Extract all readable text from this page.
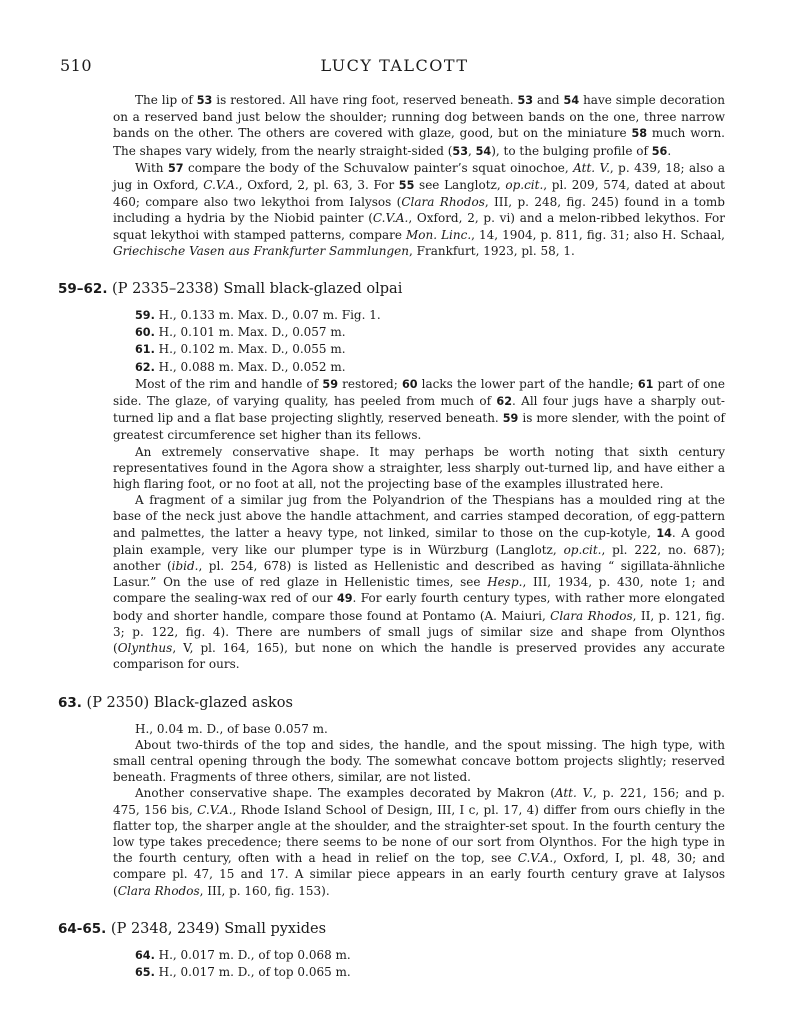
510	LUCY TALCOTT

The lip of 53 is restored. All have ring foot, reserved beneath. 53 and 54 have simple decoration on a reserved band just below the shoulder; running dog between bands on the one, three narrow bands on the other. The others are covered with glaze, good, but on the miniature 58 much worn. The shapes vary widely, from the nearly straight-sided (53, 54), to the bulging profile of 56.

With 57 compare the body of the Schuvalow painter’s squat oinochoe, Att. V., p. 439, 18; also a jug in Oxford, C.V.A., Oxford, 2, pl. 63, 3. For 55 see Langlotz, op.cit., pl. 209, 574, dated at about 460; compare also two lekythoi from Ialysos (Clara Rhodos, III, p. 248, fig. 245) found in a tomb including a hydria by the Niobid painter (C.V.A., Oxford, 2, p. vi) and a melon-ribbed lekythos. For squat lekythoi with stamped patterns, compare Mon. Linc., 14, 1904, p. 811, fig. 31; also H. Schaal, Griechische Vasen aus Frankfurter Sammlungen, Frankfurt, 1923, pl. 58, 1.

59–62. (P 2335–2338) Small black-glazed olpai

59. H., 0.133 m. Max. D., 0.07 m. Fig. 1.

60. H., 0.101 m. Max. D., 0.057 m.

61. H., 0.102 m. Max. D., 0.055 m.

62. H., 0.088 m. Max. D., 0.052 m.

Most of the rim and handle of 59 restored; 60 lacks the lower part of the handle; 61 part of one side. The glaze, of varying quality, has peeled from much of 62. All four jugs have a sharply out-turned lip and a flat base projecting slightly, reserved beneath. 59 is more slender, with the point of greatest circumference set higher than its fellows.

An extremely conservative shape. It may perhaps be worth noting that sixth century representatives found in the Agora show a straighter, less sharply out-turned lip, and have either a high flaring foot, or no foot at all, not the projecting base of the examples illustrated here.

A fragment of a similar jug from the Polyandrion of the Thespians has a moulded ring at the base of the neck just above the handle attachment, and carries stamped decoration, of egg-pattern and palmettes, the latter a heavy type, not linked, similar to those on the cup-kotyle, 14. A good plain example, very like our plumper type is in Würzburg (Langlotz, op.cit., pl. 222, no. 687); another (ibid., pl. 254, 678) is listed as Hellenistic and described as having “ sigillata-ähnliche Lasur.” On the use of red glaze in Hellenistic times, see Hesp., III, 1934, p. 430, note 1; and compare the sealing-wax red of our 49. For early fourth century types, with rather more elongated body and shorter handle, compare those found at Pontamo (A. Maiuri, Clara Rhodos, II, p. 121, fig. 3; p. 122, fig. 4). There are numbers of small jugs of similar size and shape from Olynthos (Olynthus, V, pl. 164, 165), but none on which the handle is preserved provides any accurate comparison for ours.

63. (P 2350) Black-glazed askos

H., 0.04 m. D., of base 0.057 m.

About two-thirds of the top and sides, the handle, and the spout missing. The high type, with small central opening through the body. The somewhat concave bottom projects slightly; reserved beneath. Fragments of three others, similar, are not listed.

Another conservative shape. The examples decorated by Makron (Att. V., p. 221, 156; and p. 475, 156 bis, C.V.A., Rhode Island School of Design, III, I c, pl. 17, 4) differ from ours chiefly in the flatter top, the sharper angle at the shoulder, and the straighter-set spout. In the fourth century the low type takes precedence; there seems to be none of our sort from Olynthos. For the high type in the fourth century, often with a head in relief on the top, see C.V.A., Oxford, I, pl. 48, 30; and compare pl. 47, 15 and 17. A similar piece appears in an early fourth century grave at Ialysos (Clara Rhodos, III, p. 160, fig. 153).

64-65. (P 2348, 2349) Small pyxides

64. H., 0.017 m. D., of top 0.068 m.

65. H., 0.017 m. D., of top 0.065 m.
